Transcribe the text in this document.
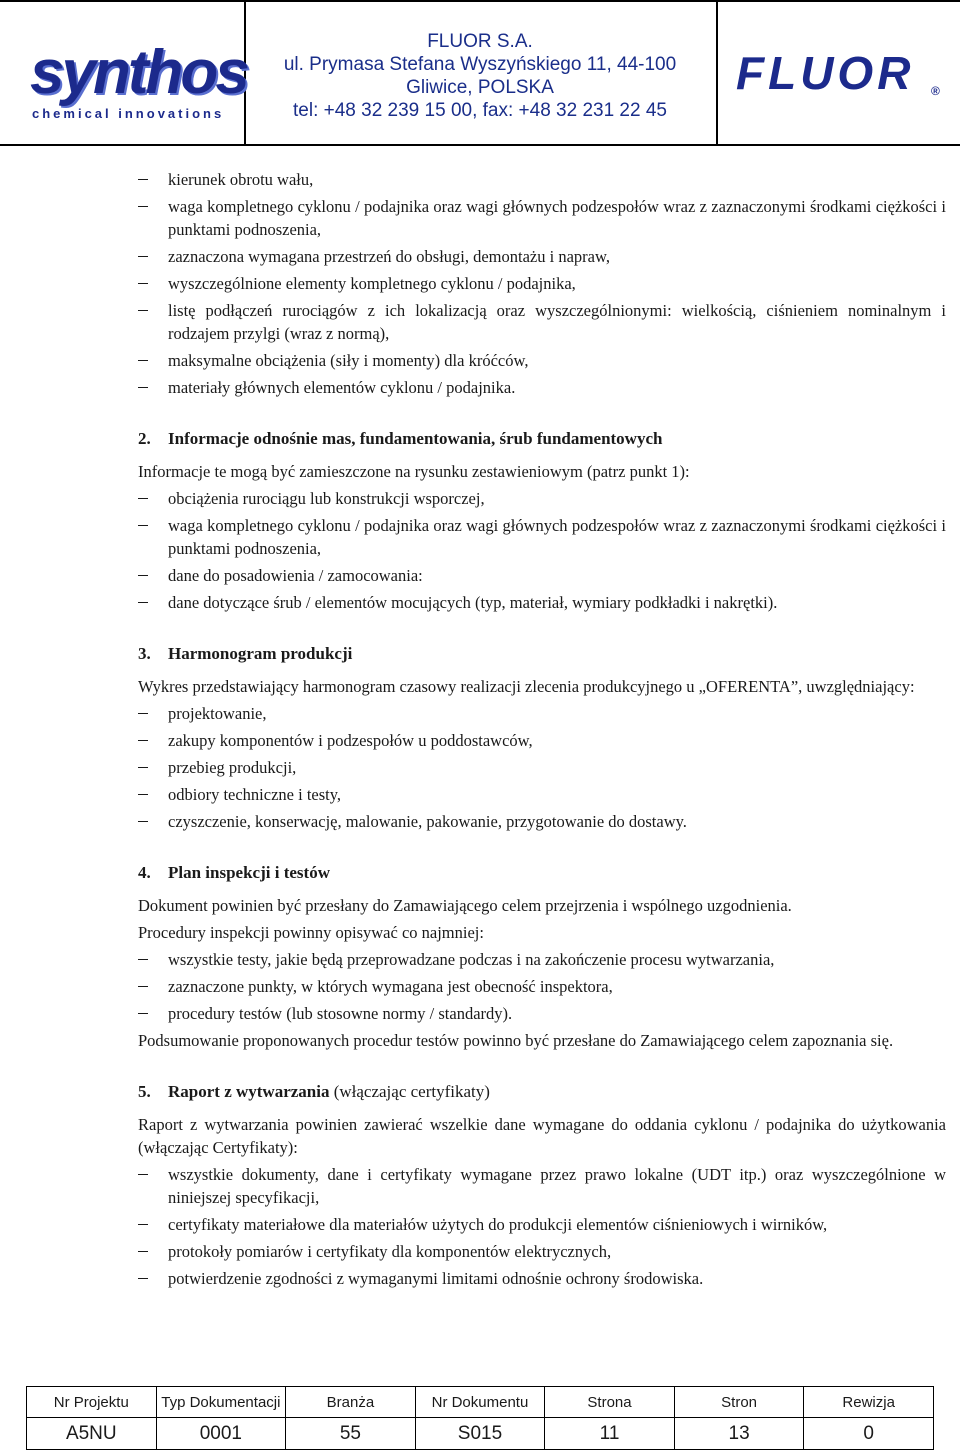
synthos
chemical innovations
FLUOR S.A.
ul. Prymasa Stefana Wyszyńskiego 11, 44-100
Gliwice, POLSKA
tel: +48 32 239 15 00, fax: +48 32 231 22 45
FLUOR ®
kierunek obrotu wału,
waga kompletnego cyklonu / podajnika oraz wagi głównych podzespołów wraz z zaznaczonymi środkami ciężkości i punktami podnoszenia,
zaznaczona wymagana przestrzeń do obsługi, demontażu i napraw,
wyszczególnione elementy kompletnego cyklonu / podajnika,
listę podłączeń rurociągów z ich lokalizacją oraz wyszczególnionymi: wielkością, ciśnieniem nominalnym i rodzajem przylgi (wraz z normą),
maksymalne obciążenia (siły i momenty) dla króćców,
materiały głównych elementów cyklonu / podajnika.
2. Informacje odnośnie mas, fundamentowania, śrub fundamentowych

Informacje te mogą być zamieszczone na rysunku zestawieniowym (patrz punkt 1):

obciążenia rurociągu lub konstrukcji wsporczej,
waga kompletnego cyklonu / podajnika oraz wagi głównych podzespołów wraz z zaznaczonymi środkami ciężkości i punktami podnoszenia,
dane do posadowienia / zamocowania:
dane dotyczące śrub / elementów mocujących (typ, materiał, wymiary podkładki i nakrętki).
3. Harmonogram produkcji

Wykres przedstawiający harmonogram czasowy realizacji zlecenia produkcyjnego u „OFERENTA”, uwzględniający:

projektowanie,
zakupy komponentów i podzespołów u poddostawców,
przebieg produkcji,
odbiory techniczne i testy,
czyszczenie, konserwację, malowanie, pakowanie, przygotowanie do dostawy.
4. Plan inspekcji i testów

Dokument powinien być przesłany do Zamawiającego celem przejrzenia i wspólnego uzgodnienia.

Procedury inspekcji powinny opisywać co najmniej:

wszystkie testy, jakie będą przeprowadzane podczas i na zakończenie procesu wytwarzania,
zaznaczone punkty, w których wymagana jest obecność inspektora,
procedury testów (lub stosowne normy / standardy).

Podsumowanie proponowanych procedur testów powinno być przesłane do Zamawiającego celem zapoznania się.

5. Raport z wytwarzania (włączając certyfikaty)

Raport z wytwarzania powinien zawierać wszelkie dane wymagane do oddania cyklonu / podajnika do użytkowania (włączając Certyfikaty):

wszystkie dokumenty, dane i certyfikaty wymagane przez prawo lokalne (UDT itp.) oraz wyszczególnione w niniejszej specyfikacji,
certyfikaty materiałowe dla materiałów użytych do produkcji elementów ciśnieniowych i wirników,
protokoły pomiarów i certyfikaty dla komponentów elektrycznych,
potwierdzenie zgodności z wymaganymi limitami odnośnie ochrony środowiska.
Nr Projektu	Typ Dokumentacji	Branża	Nr Dokumentu	Strona	Stron	Rewizja
A5NU	0001	55	S015	11	13	0
